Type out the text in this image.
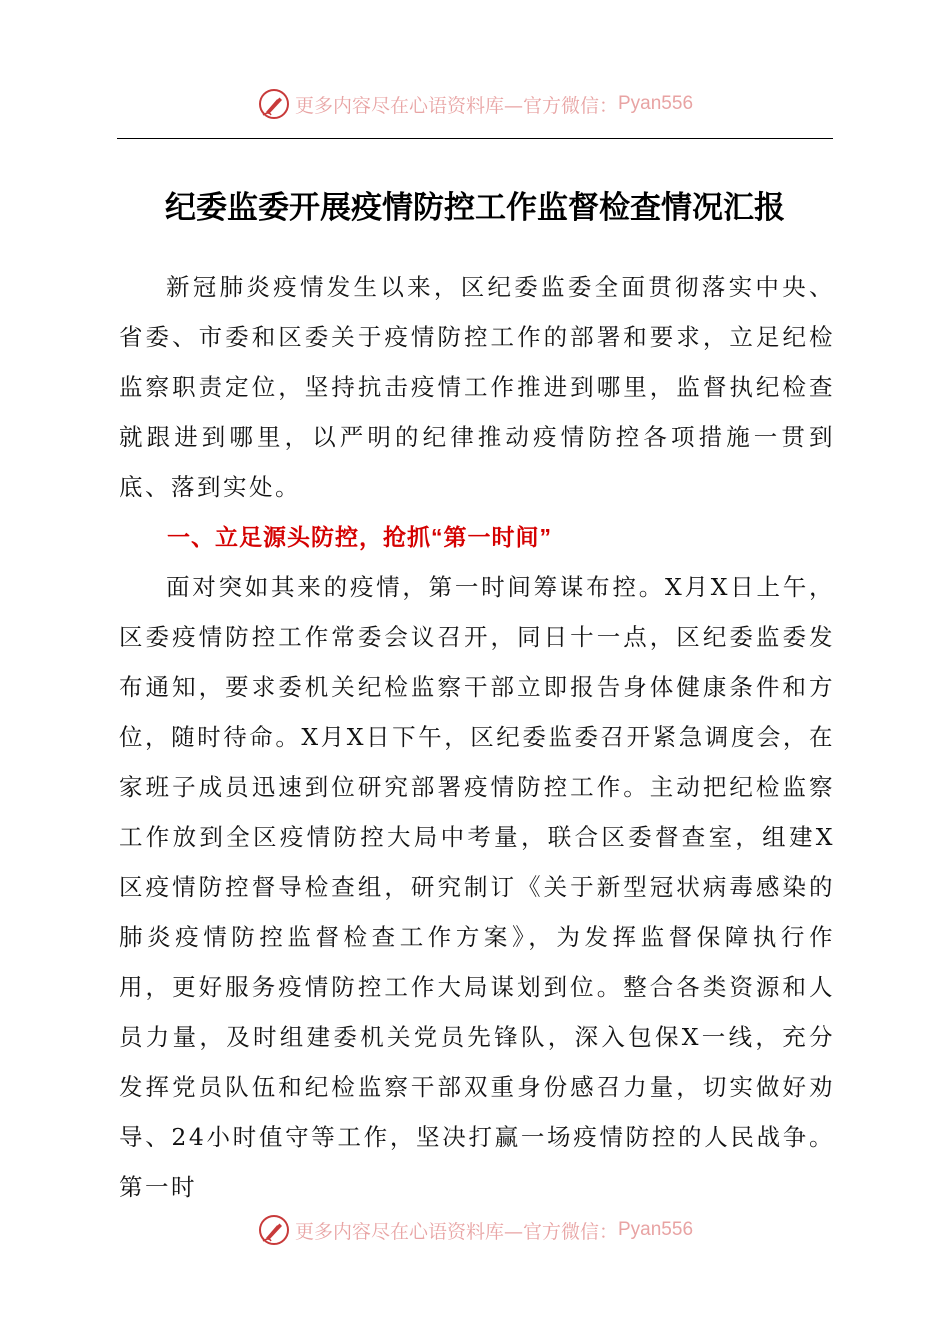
更多内容尽在心语资料库—官方微信： Pyan556
纪委监委开展疫情防控工作监督检查情况汇报

新冠肺炎疫情发生以来，区纪委监委全面贯彻落实中央、省委、市委和区委关于疫情防控工作的部署和要求，立足纪检监察职责定位，坚持抗击疫情工作推进到哪里，监督执纪检查就跟进到哪里，以严明的纪律推动疫情防控各项措施一贯到底、落到实处。

一、立足源头防控，抢抓“第一时间”

面对突如其来的疫情，第一时间筹谋布控。X月X日上午，区委疫情防控工作常委会议召开，同日十一点，区纪委监委发布通知，要求委机关纪检监察干部立即报告身体健康条件和方位，随时待命。X月X日下午，区纪委监委召开紧急调度会，在家班子成员迅速到位研究部署疫情防控工作。主动把纪检监察工作放到全区疫情防控大局中考量，联合区委督查室，组建X区疫情防控督导检查组，研究制订《关于新型冠状病毒感染的肺炎疫情防控监督检查工作方案》，为发挥监督保障执行作用，更好服务疫情防控工作大局谋划到位。整合各类资源和人员力量，及时组建委机关党员先锋队，深入包保X一线，充分发挥党员队伍和纪检监察干部双重身份感召力量，切实做好劝导、24小时值守等工作，坚决打赢一场疫情防控的人民战争。第一时

更多内容尽在心语资料库—官方微信： Pyan556
